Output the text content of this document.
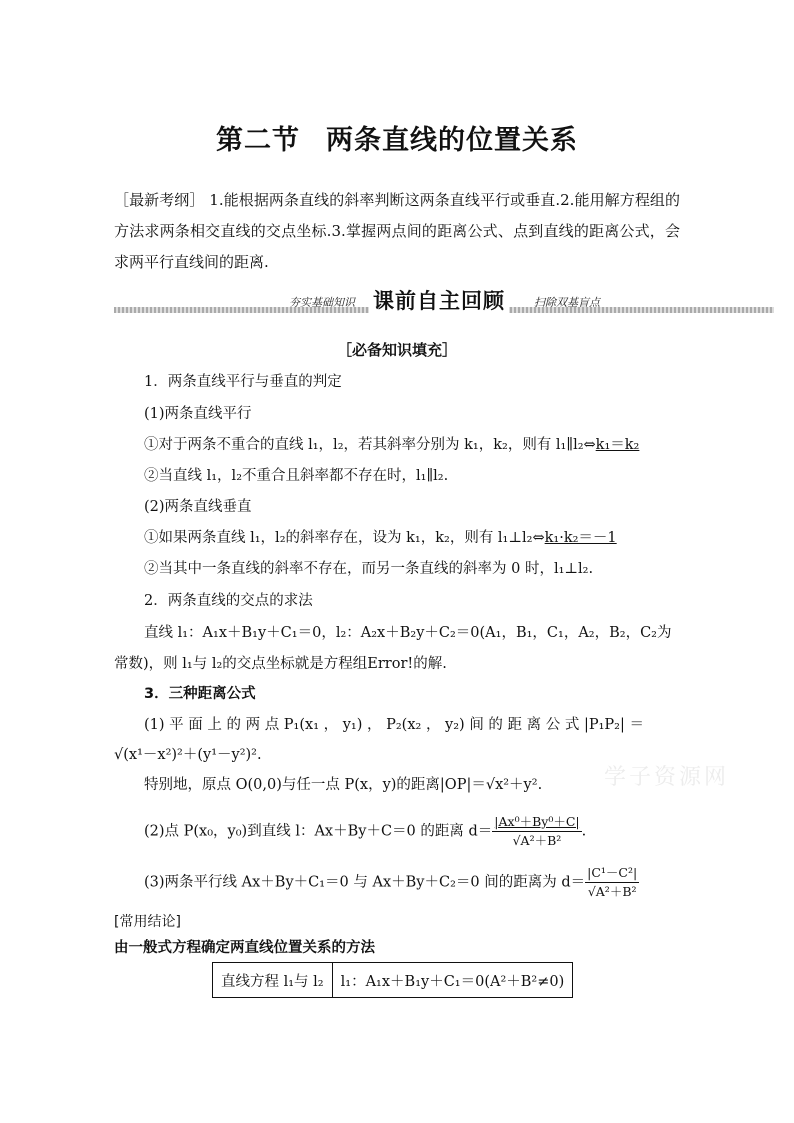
第二节 两条直线的位置关系
［最新考纲］ 1.能根据两条直线的斜率判断这两条直线平行或垂直.2.能用解方程组的方法求两条相交直线的交点坐标.3.掌握两点间的距离公式、点到直线的距离公式，会求两平行直线间的距离.
夯实基础知识 课前自主回顾	扫除双基盲点
［必备知识填充］
1．两条直线平行与垂直的判定
(1)两条直线平行
①对于两条不重合的直线 l₁，l₂，若其斜率分别为 k₁，k₂，则有 l₁∥l₂⇔k₁＝k₂
②当直线 l₁，l₂不重合且斜率都不存在时，l₁∥l₂.
(2)两条直线垂直
①如果两条直线 l₁，l₂的斜率存在，设为 k₁，k₂，则有 l₁⊥l₂⇔k₁·k₂＝－1
②当其中一条直线的斜率不存在，而另一条直线的斜率为 0 时，l₁⊥l₂.
2．两条直线的交点的求法
直线 l₁：A₁x＋B₁y＋C₁＝0，l₂：A₂x＋B₂y＋C₂＝0(A₁，B₁，C₁，A₂，B₂，C₂为
常数)，则 l₁与 l₂的交点坐标就是方程组Error!的解.
3．三种距离公式
(1) 平 面 上 的 两 点 P₁(x₁ ， y₁) ， P₂(x₂ ， y₂) 间 的 距 离 公 式 |P₁P₂| ＝
√(x¹－x²)²＋(y¹－y²)².
特别地，原点 O(0,0)与任一点 P(x，y)的距离|OP|＝√x²＋y².
(2)点 P(x₀，y₀)到直线 l：Ax＋By＋C＝0 的距离 $d= \frac{\text{|Ax⁰＋By⁰＋C|}}{\text{√A²＋B²}}$ .
(3)两条平行线 Ax＋By＋C₁＝0 与 Ax＋By＋C₂＝0 间的距离为 $d= \frac{\text{|C¹－C²|}}{\text{√A²＋B²}}$
[常用结论]
由一般式方程确定两直线位置关系的方法
直线方程 l₁与 l₂	l₁：A₁x＋B₁y＋C₁＝0(A²＋B²≠0)
学子资源网
